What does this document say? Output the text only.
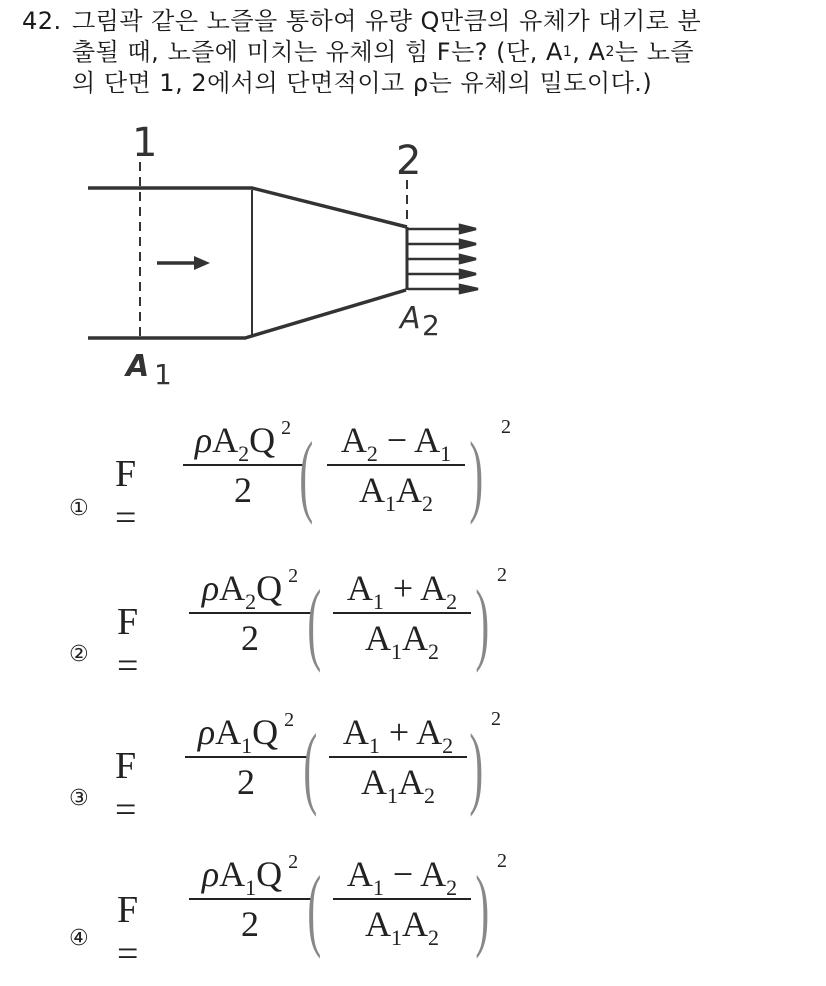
42. 그림곽 같은 노즐을 통하여 유량 Q만큼의 유체가 대기로 분
출될 때, 노즐에 미치는 유체의 힘 F는? (단, A 1 , A 2 는 노즐
의 단면 1, 2에서의 단면적이고 ρ는 유체의 밀도이다.)
1	2
A 2
A 1
①
F =
$\rho A_2Q$ $^2$
2 ( $A_2 - A_1$
$A_1A_2$ ) 2
②
F =
$\rho A_2Q$ $^2$
2 ( $A_1 + A_2$
$A_1A_2$ ) 2
③
F =
$\rho A_1Q$ $^2$
2 ( $A_1 + A_2$
$A_1A_2$ ) 2
④
F =
$\rho A_1Q$ $^2$
2 ( $A_1 - A_2$
$A_1A_2$ ) 2
